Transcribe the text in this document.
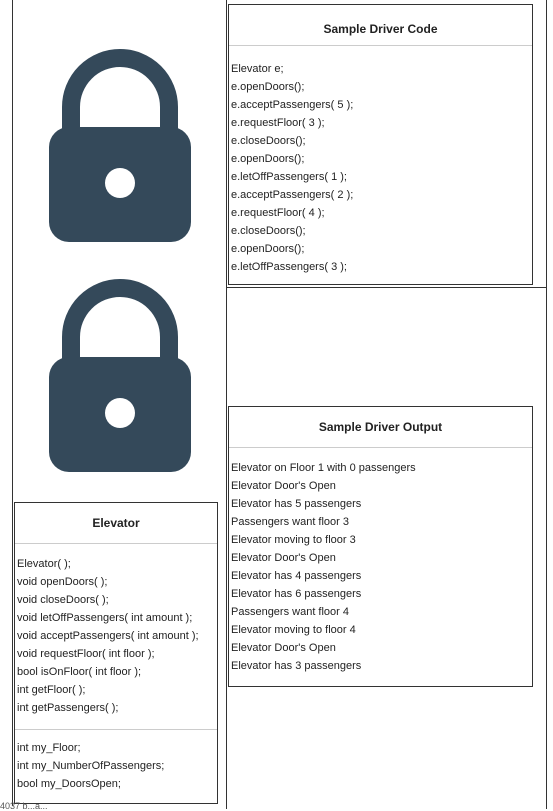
Sample Driver Code
Elevator e;
e.openDoors();
e.acceptPassengers( 5 );
e.requestFloor( 3 );
e.closeDoors();
e.openDoors();
e.letOffPassengers( 1 );
e.acceptPassengers( 2 );
e.requestFloor( 4 );
e.closeDoors();
e.openDoors();
e.letOffPassengers( 3 );
Sample Driver Output
Elevator on Floor 1 with 0 passengers
Elevator Door's Open
Elevator has 5 passengers
Passengers want floor 3
Elevator moving to floor 3
Elevator Door's Open
Elevator has 4 passengers
Elevator has 6 passengers
Passengers want floor 4
Elevator moving to floor 4
Elevator Door's Open
Elevator has 3 passengers
Elevator
Elevator( );
void openDoors( );
void closeDoors( );
void letOffPassengers( int amount );
void acceptPassengers( int amount );
void requestFloor( int floor );
bool isOnFloor( int floor );
int getFloor( );
int getPassengers( );
int my_Floor;
int my_NumberOfPassengers;
bool my_DoorsOpen;
4037 b...a...
